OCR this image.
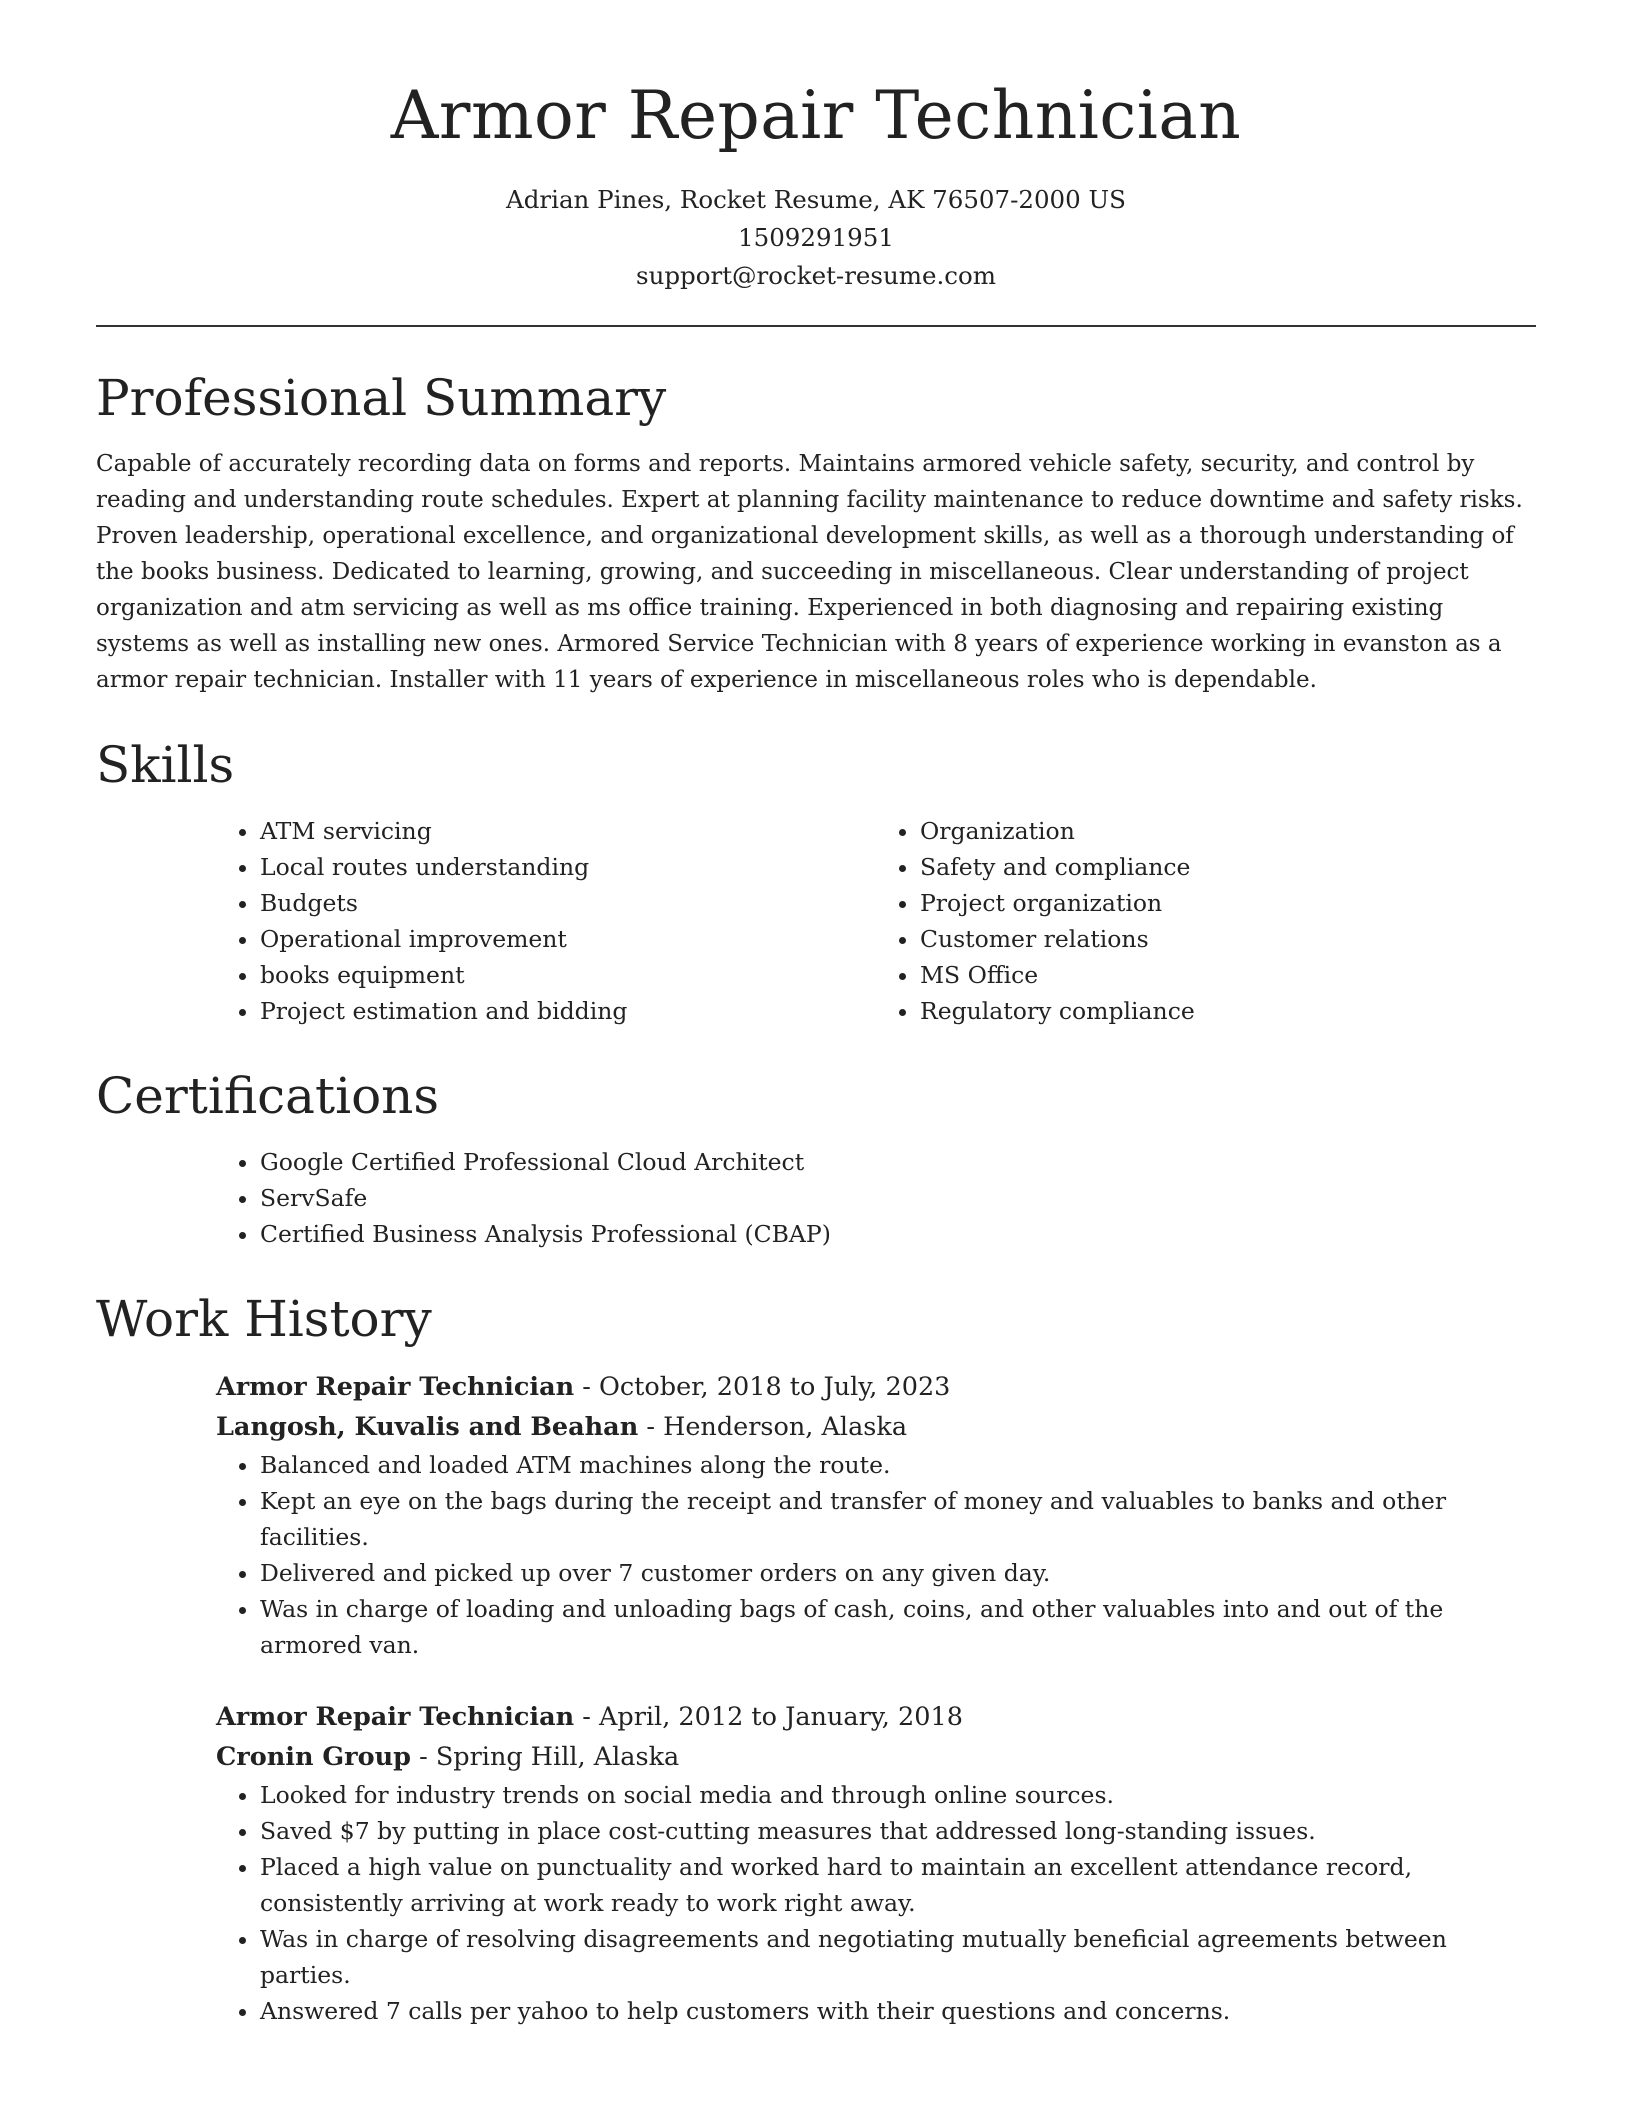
Armor Repair Technician
Adrian Pines, Rocket Resume, AK 76507-2000 US
1509291951
support@rocket-resume.com
Professional Summary

Capable of accurately recording data on forms and reports. Maintains armored vehicle safety, security, and control by reading and understanding route schedules. Expert at planning facility maintenance to reduce downtime and safety risks. Proven leadership, operational excellence, and organizational development skills, as well as a thorough understanding of the books business. Dedicated to learning, growing, and succeeding in miscellaneous. Clear understanding of project organization and atm servicing as well as ms office training. Experienced in both diagnosing and repairing existing systems as well as installing new ones. Armored Service Technician with 8 years of experience working in evanston as a armor repair technician. Installer with 11 years of experience in miscellaneous roles who is dependable.

Skills
• ATM servicing
• Local routes understanding
• Budgets
• Operational improvement
• books equipment
• Project estimation and bidding
• Organization
• Safety and compliance
• Project organization
• Customer relations
• MS Office
• Regulatory compliance
Certifications
• Google Certified Professional Cloud Architect
• ServSafe
• Certified Business Analysis Professional (CBAP)
Work History

Armor Repair Technician - October, 2018 to July, 2023

Langosh, Kuvalis and Beahan - Henderson, Alaska

• Balanced and loaded ATM machines along the route.
• Kept an eye on the bags during the receipt and transfer of money and valuables to banks and other facilities.
• Delivered and picked up over 7 customer orders on any given day.
• Was in charge of loading and unloading bags of cash, coins, and other valuables into and out of the armored van.

Armor Repair Technician - April, 2012 to January, 2018

Cronin Group - Spring Hill, Alaska

• Looked for industry trends on social media and through online sources.
• Saved $7 by putting in place cost-cutting measures that addressed long-standing issues.
• Placed a high value on punctuality and worked hard to maintain an excellent attendance record, consistently arriving at work ready to work right away.
• Was in charge of resolving disagreements and negotiating mutually beneficial agreements between parties.
• Answered 7 calls per yahoo to help customers with their questions and concerns.
